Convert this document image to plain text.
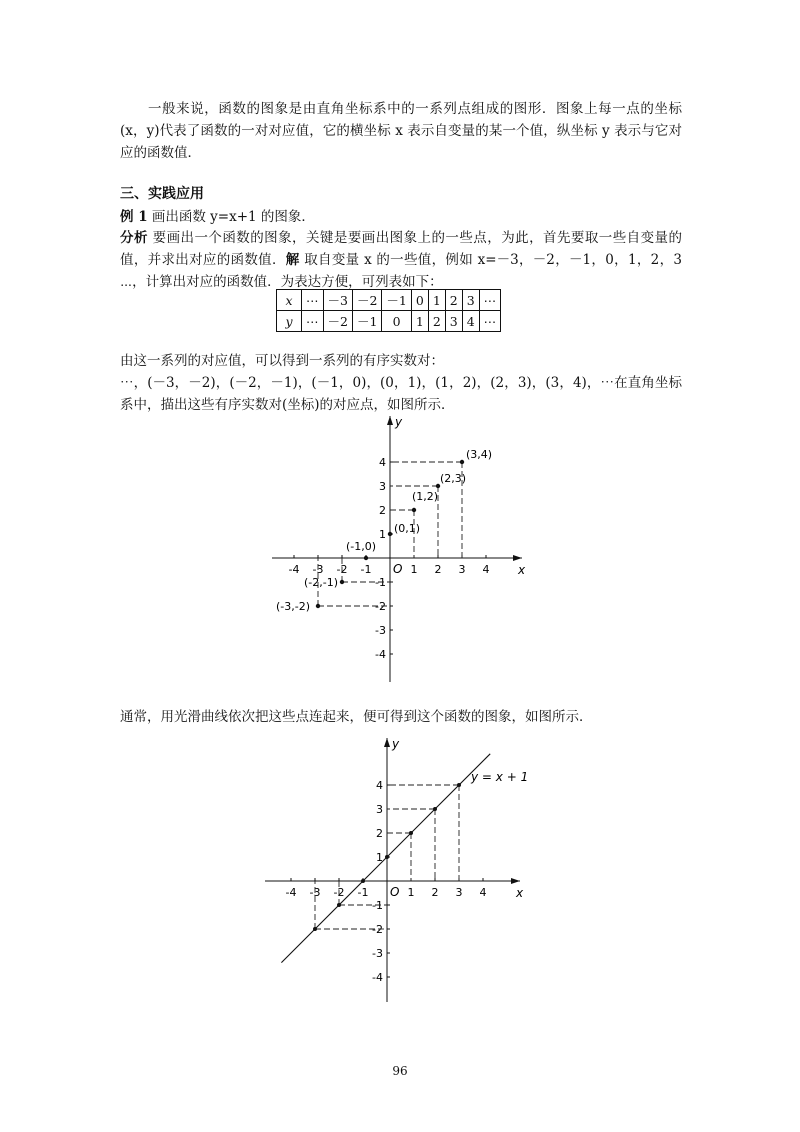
一般来说，函数的图象是由直角坐标系中的一系列点组成的图形．图象上每一点的坐标(x，y)代表了函数的一对对应值，它的横坐标 x 表示自变量的某一个值，纵坐标 y 表示与它对应的函数值．

三、实践应用

例 1 画出函数 y=x+1 的图象．

分析 要画出一个函数的图象，关键是要画出图象上的一些点，为此，首先要取一些自变量的值，并求出对应的函数值．解 取自变量 x 的一些值，例如 x=－3，－2，－1，0，1，2，3 ⋯，计算出对应的函数值．为表达方便，可列表如下：

x	⋯	－3	－2	－1	0	1	2	3	⋯
y	⋯	－2	－1	0	1	2	3	4	⋯

由这一系列的对应值，可以得到一系列的有序实数对：
⋯，(－3，－2)，(－2，－1)，(－1，0)，(0，1)，(1，2)，(2，3)，(3，4)，⋯在直角坐标系中，描出这些有序实数对(坐标)的对应点，如图所示．

x
y
O
-4 -3 -2 -1	1 2 3 4
4
3
2
1
-1
-2
-3
-4
(-3,-2)
(-2,-1)
(-1,0)
(0,1)
(1,2)
(2,3)
(3,4)

通常，用光滑曲线依次把这些点连起来，便可得到这个函数的图象，如图所示．

x
y
O
-4 -3 -2 -1	1 2 3 4
4
3
2
1
-1
-2
-3
-4
y = x + 1

96
